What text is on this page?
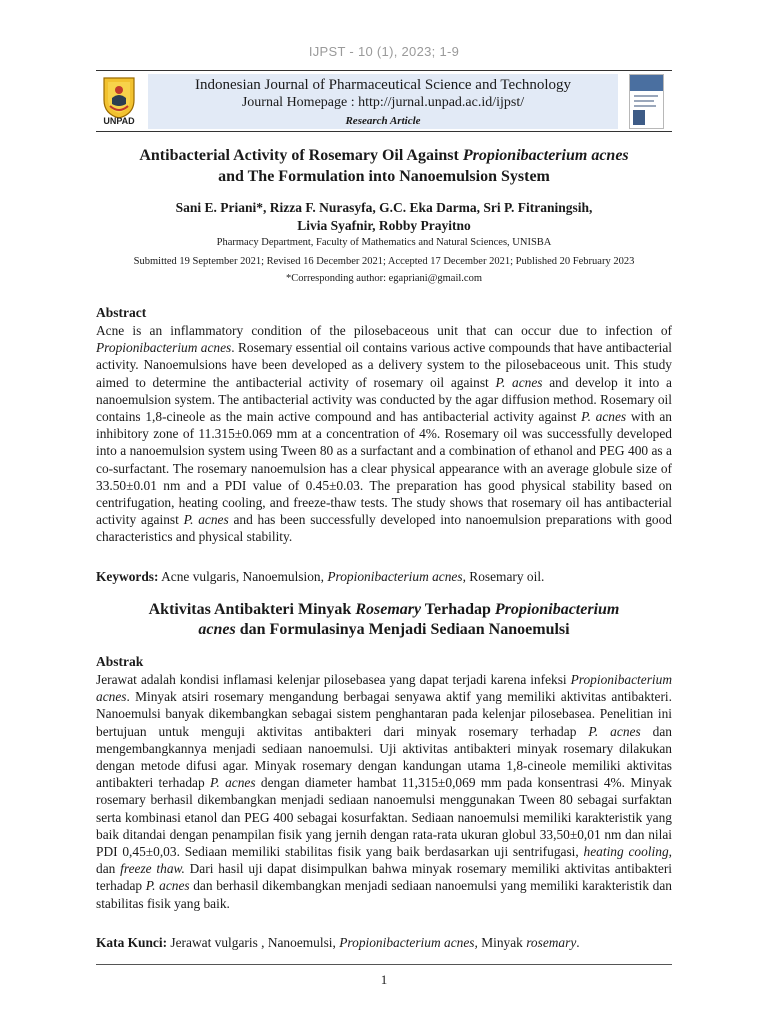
IJPST - 10 (1), 2023; 1-9
UNPAD
Indonesian Journal of Pharmaceutical Science and Technology
Journal Homepage : http://jurnal.unpad.ac.id/ijpst/
Research Article
Antibacterial Activity of Rosemary Oil Against Propionibacterium acnes
and The Formulation into Nanoemulsion System
Sani E. Priani*, Rizza F. Nurasyfa, G.C. Eka Darma, Sri P. Fitraningsih,
Livia Syafnir, Robby Prayitno
Pharmacy Department, Faculty of Mathematics and Natural Sciences, UNISBA
Submitted 19 September 2021; Revised 16 December 2021; Accepted 17 December 2021; Published 20 February 2023
*Corresponding author: egapriani@gmail.com
Abstract
Acne is an inflammatory condition of the pilosebaceous unit that can occur due to infection of Propionibacterium acnes. Rosemary essential oil contains various active compounds that have antibacterial activity. Nanoemulsions have been developed as a delivery system to the pilosebaceous unit. This study aimed to determine the antibacterial activity of rosemary oil against P. acnes and develop it into a nanoemulsion system. The antibacterial activity was conducted by the agar diffusion method. Rosemary oil contains 1,8-cineole as the main active compound and has antibacterial activity against P. acnes with an inhibitory zone of 11.315±0.069 mm at a concentration of 4%. Rosemary oil was successfully developed into a nanoemulsion system using Tween 80 as a surfactant and a combination of ethanol and PEG 400 as a co-surfactant. The rosemary nanoemulsion has a clear physical appearance with an average globule size of 33.50±0.01 nm and a PDI value of 0.45±0.03. The preparation has good physical stability based on centrifugation, heating cooling, and freeze-thaw tests. The study shows that rosemary oil has antibacterial activity against P. acnes and has been successfully developed into nanoemulsion preparations with good characteristics and physical stability.
Keywords: Acne vulgaris, Nanoemulsion, Propionibacterium acnes, Rosemary oil.
Aktivitas Antibakteri Minyak Rosemary Terhadap Propionibacterium
acnes dan Formulasinya Menjadi Sediaan Nanoemulsi
Abstrak
Jerawat adalah kondisi inflamasi kelenjar pilosebasea yang dapat terjadi karena infeksi Propionibacterium acnes. Minyak atsiri rosemary mengandung berbagai senyawa aktif yang memiliki aktivitas antibakteri. Nanoemulsi banyak dikembangkan sebagai sistem penghantaran pada kelenjar pilosebasea. Penelitian ini bertujuan untuk menguji aktivitas antibakteri dari minyak rosemary terhadap P. acnes dan mengembangkannya menjadi sediaan nanoemulsi. Uji aktivitas antibakteri minyak rosemary dilakukan dengan metode difusi agar. Minyak rosemary dengan kandungan utama 1,8-cineole memiliki aktivitas antibakteri terhadap P. acnes dengan diameter hambat 11,315±0,069 mm pada konsentrasi 4%. Minyak rosemary berhasil dikembangkan menjadi sediaan nanoemulsi menggunakan Tween 80 sebagai surfaktan serta kombinasi etanol dan PEG 400 sebagai kosurfaktan. Sediaan nanoemulsi memiliki karakteristik yang baik ditandai dengan penampilan fisik yang jernih dengan rata-rata ukuran globul 33,50±0,01 nm dan nilai PDI 0,45±0,03. Sediaan memiliki stabilitas fisik yang baik berdasarkan uji sentrifugasi, heating cooling, dan freeze thaw. Dari hasil uji dapat disimpulkan bahwa minyak rosemary memiliki aktivitas antibakteri terhadap P. acnes dan berhasil dikembangkan menjadi sediaan nanoemulsi yang memiliki karakteristik dan stabilitas fisik yang baik.
Kata Kunci: Jerawat vulgaris , Nanoemulsi, Propionibacterium acnes, Minyak rosemary.
1
